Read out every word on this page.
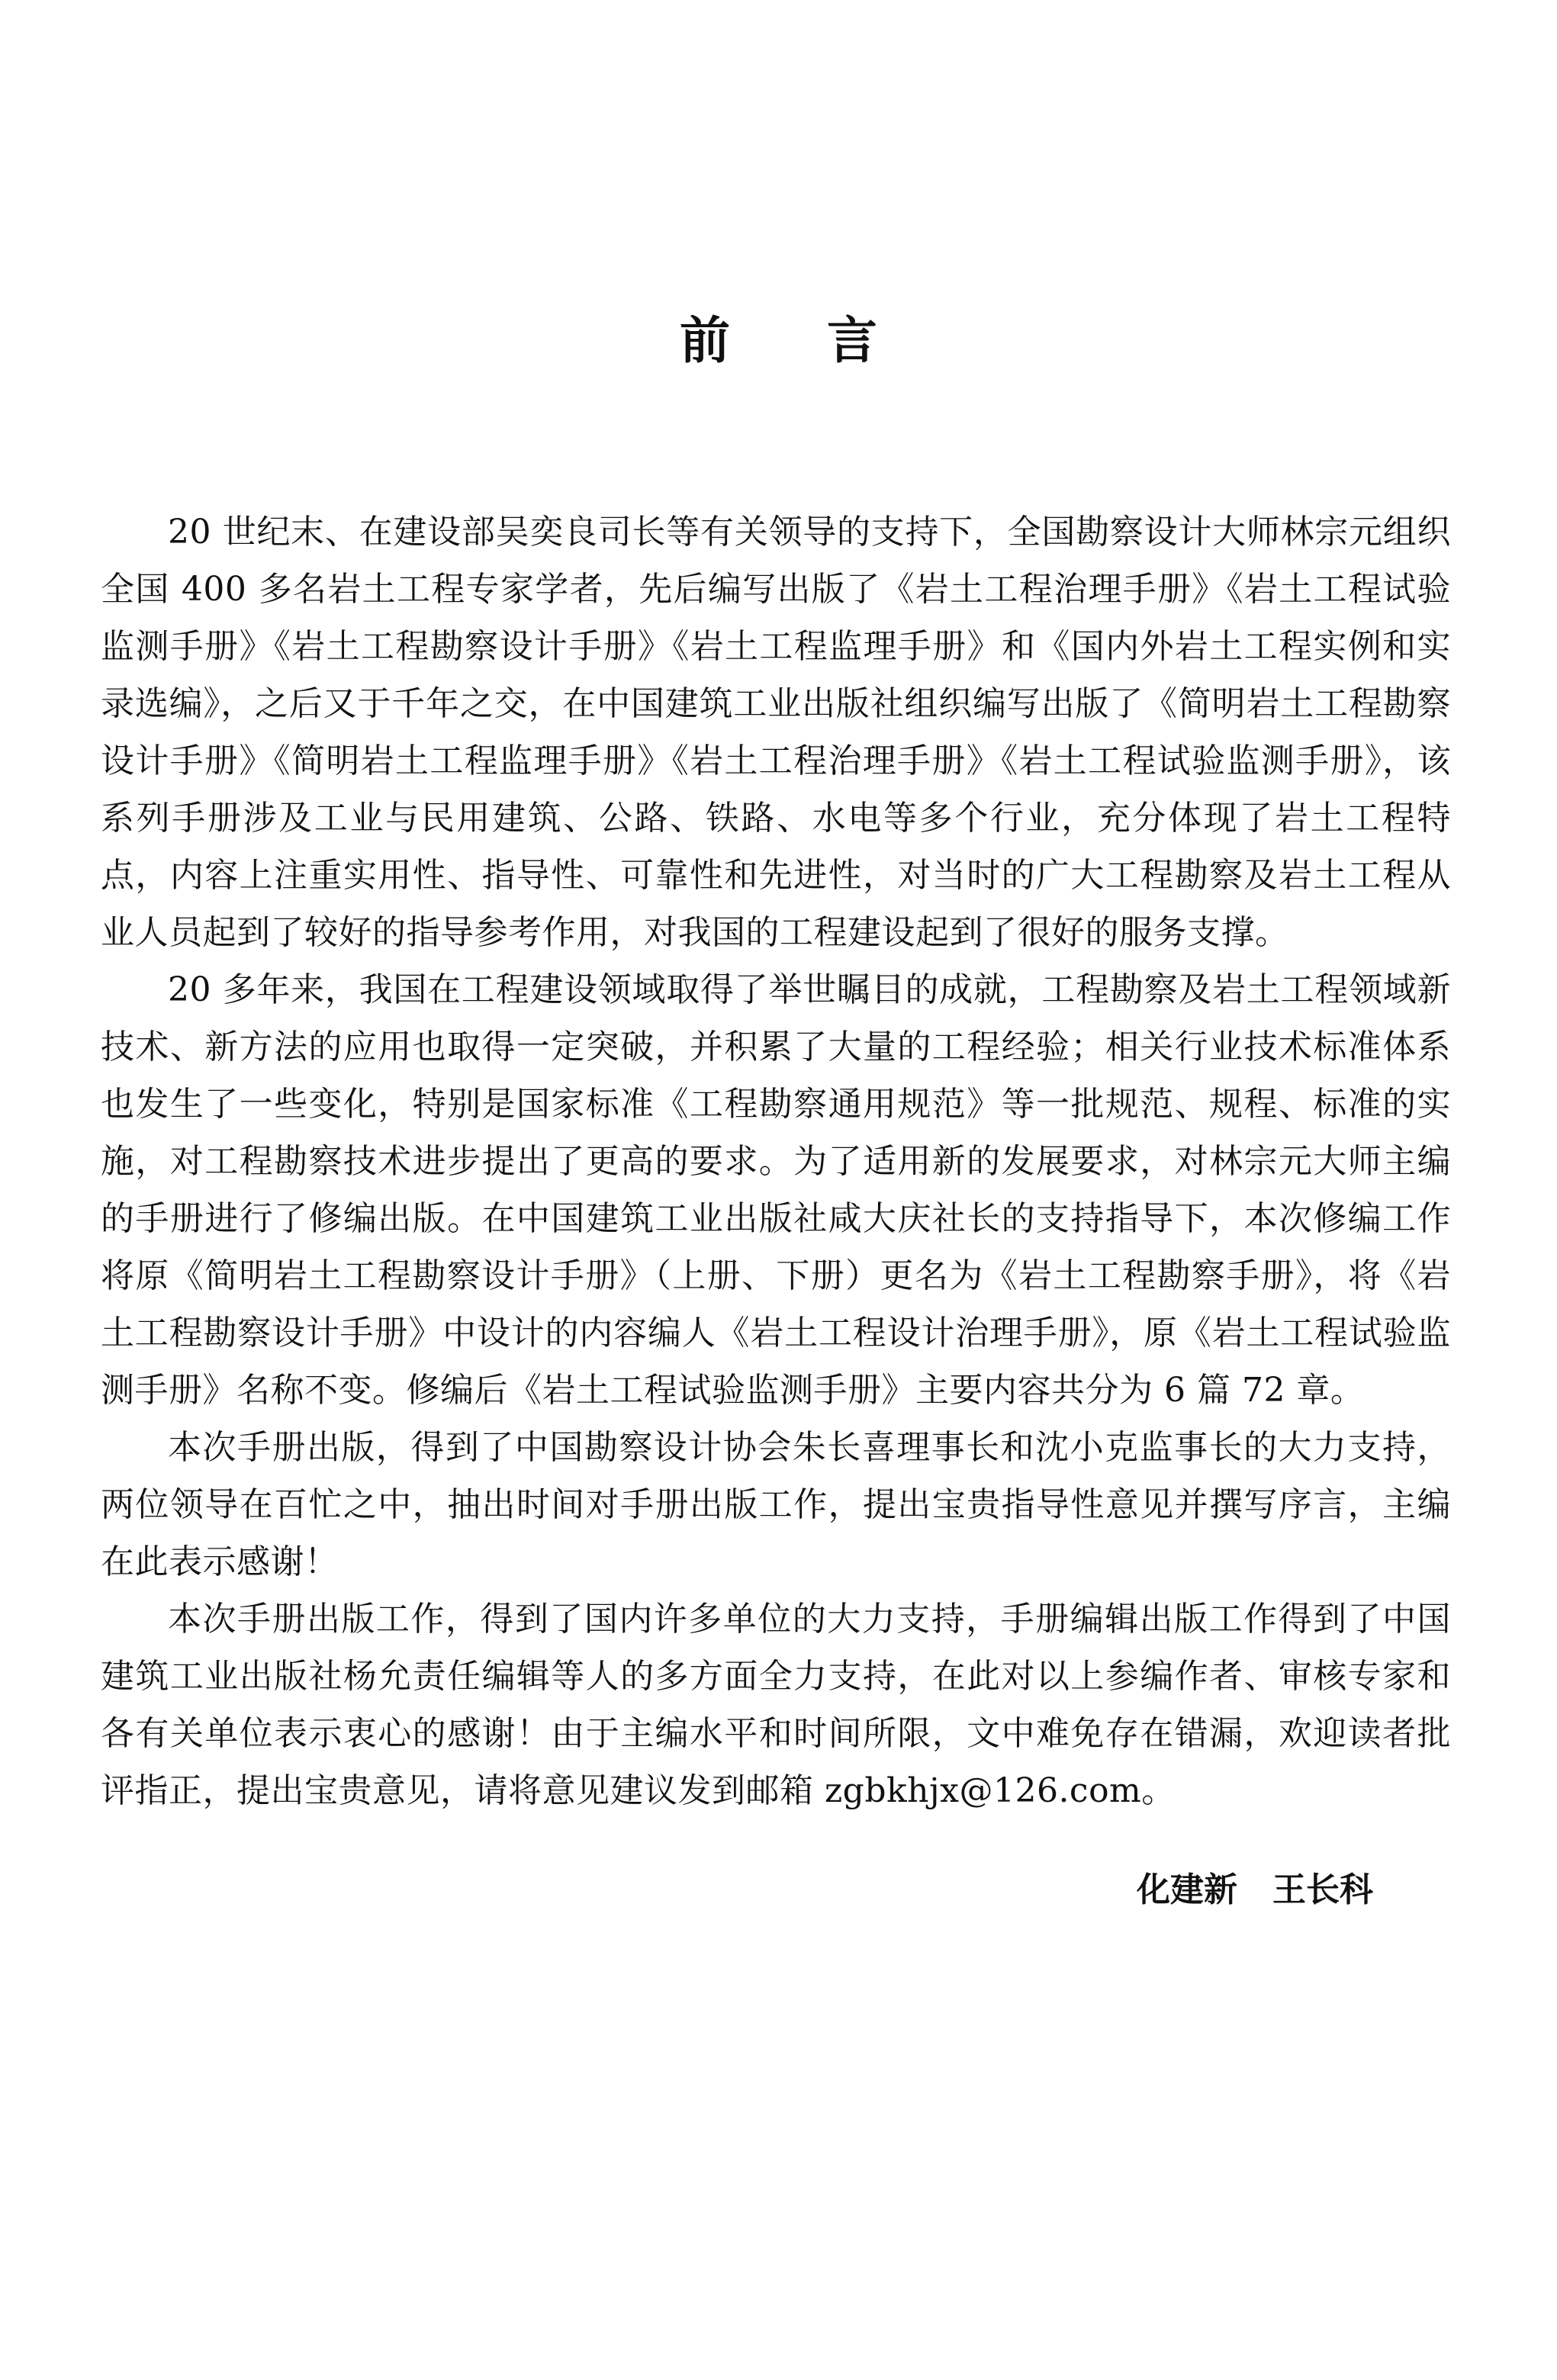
前 言

20 世纪末、在建设部吴奕良司长等有关领导的支持下，全国勘察设计大师林宗元组织全国 400 多名岩土工程专家学者，先后编写出版了《岩土工程治理手册》《岩土工程试验监测手册》《岩土工程勘察设计手册》《岩土工程监理手册》和《国内外岩土工程实例和实录选编》，之后又于千年之交，在中国建筑工业出版社组织编写出版了《简明岩土工程勘察设计手册》《简明岩土工程监理手册》《岩土工程治理手册》《岩土工程试验监测手册》，该系列手册涉及工业与民用建筑、公路、铁路、水电等多个行业，充分体现了岩土工程特点，内容上注重实用性、指导性、可靠性和先进性，对当时的广大工程勘察及岩土工程从业人员起到了较好的指导参考作用，对我国的工程建设起到了很好的服务支撑。

20 多年来，我国在工程建设领域取得了举世瞩目的成就，工程勘察及岩土工程领域新技术、新方法的应用也取得一定突破，并积累了大量的工程经验；相关行业技术标准体系也发生了一些变化，特别是国家标准《工程勘察通用规范》等一批规范、规程、标准的实施，对工程勘察技术进步提出了更高的要求。为了适用新的发展要求，对林宗元大师主编的手册进行了修编出版。在中国建筑工业出版社咸大庆社长的支持指导下，本次修编工作将原《简明岩土工程勘察设计手册》（上册、下册）更名为《岩土工程勘察手册》，将《岩土工程勘察设计手册》中设计的内容编人《岩土工程设计治理手册》，原《岩土工程试验监测手册》名称不变。修编后《岩土工程试验监测手册》主要内容共分为 6 篇 72 章。

本次手册出版，得到了中国勘察设计协会朱长喜理事长和沈小克监事长的大力支持，两位领导在百忙之中，抽出时间对手册出版工作，提出宝贵指导性意见并撰写序言，主编在此表示感谢！

本次手册出版工作，得到了国内许多单位的大力支持，手册编辑出版工作得到了中国建筑工业出版社杨允责任编辑等人的多方面全力支持，在此对以上参编作者、审核专家和各有关单位表示衷心的感谢！由于主编水平和时间所限，文中难免存在错漏，欢迎读者批评指正，提出宝贵意见，请将意见建议发到邮箱 zgbkhjx@126.com。

化建新   王长科
